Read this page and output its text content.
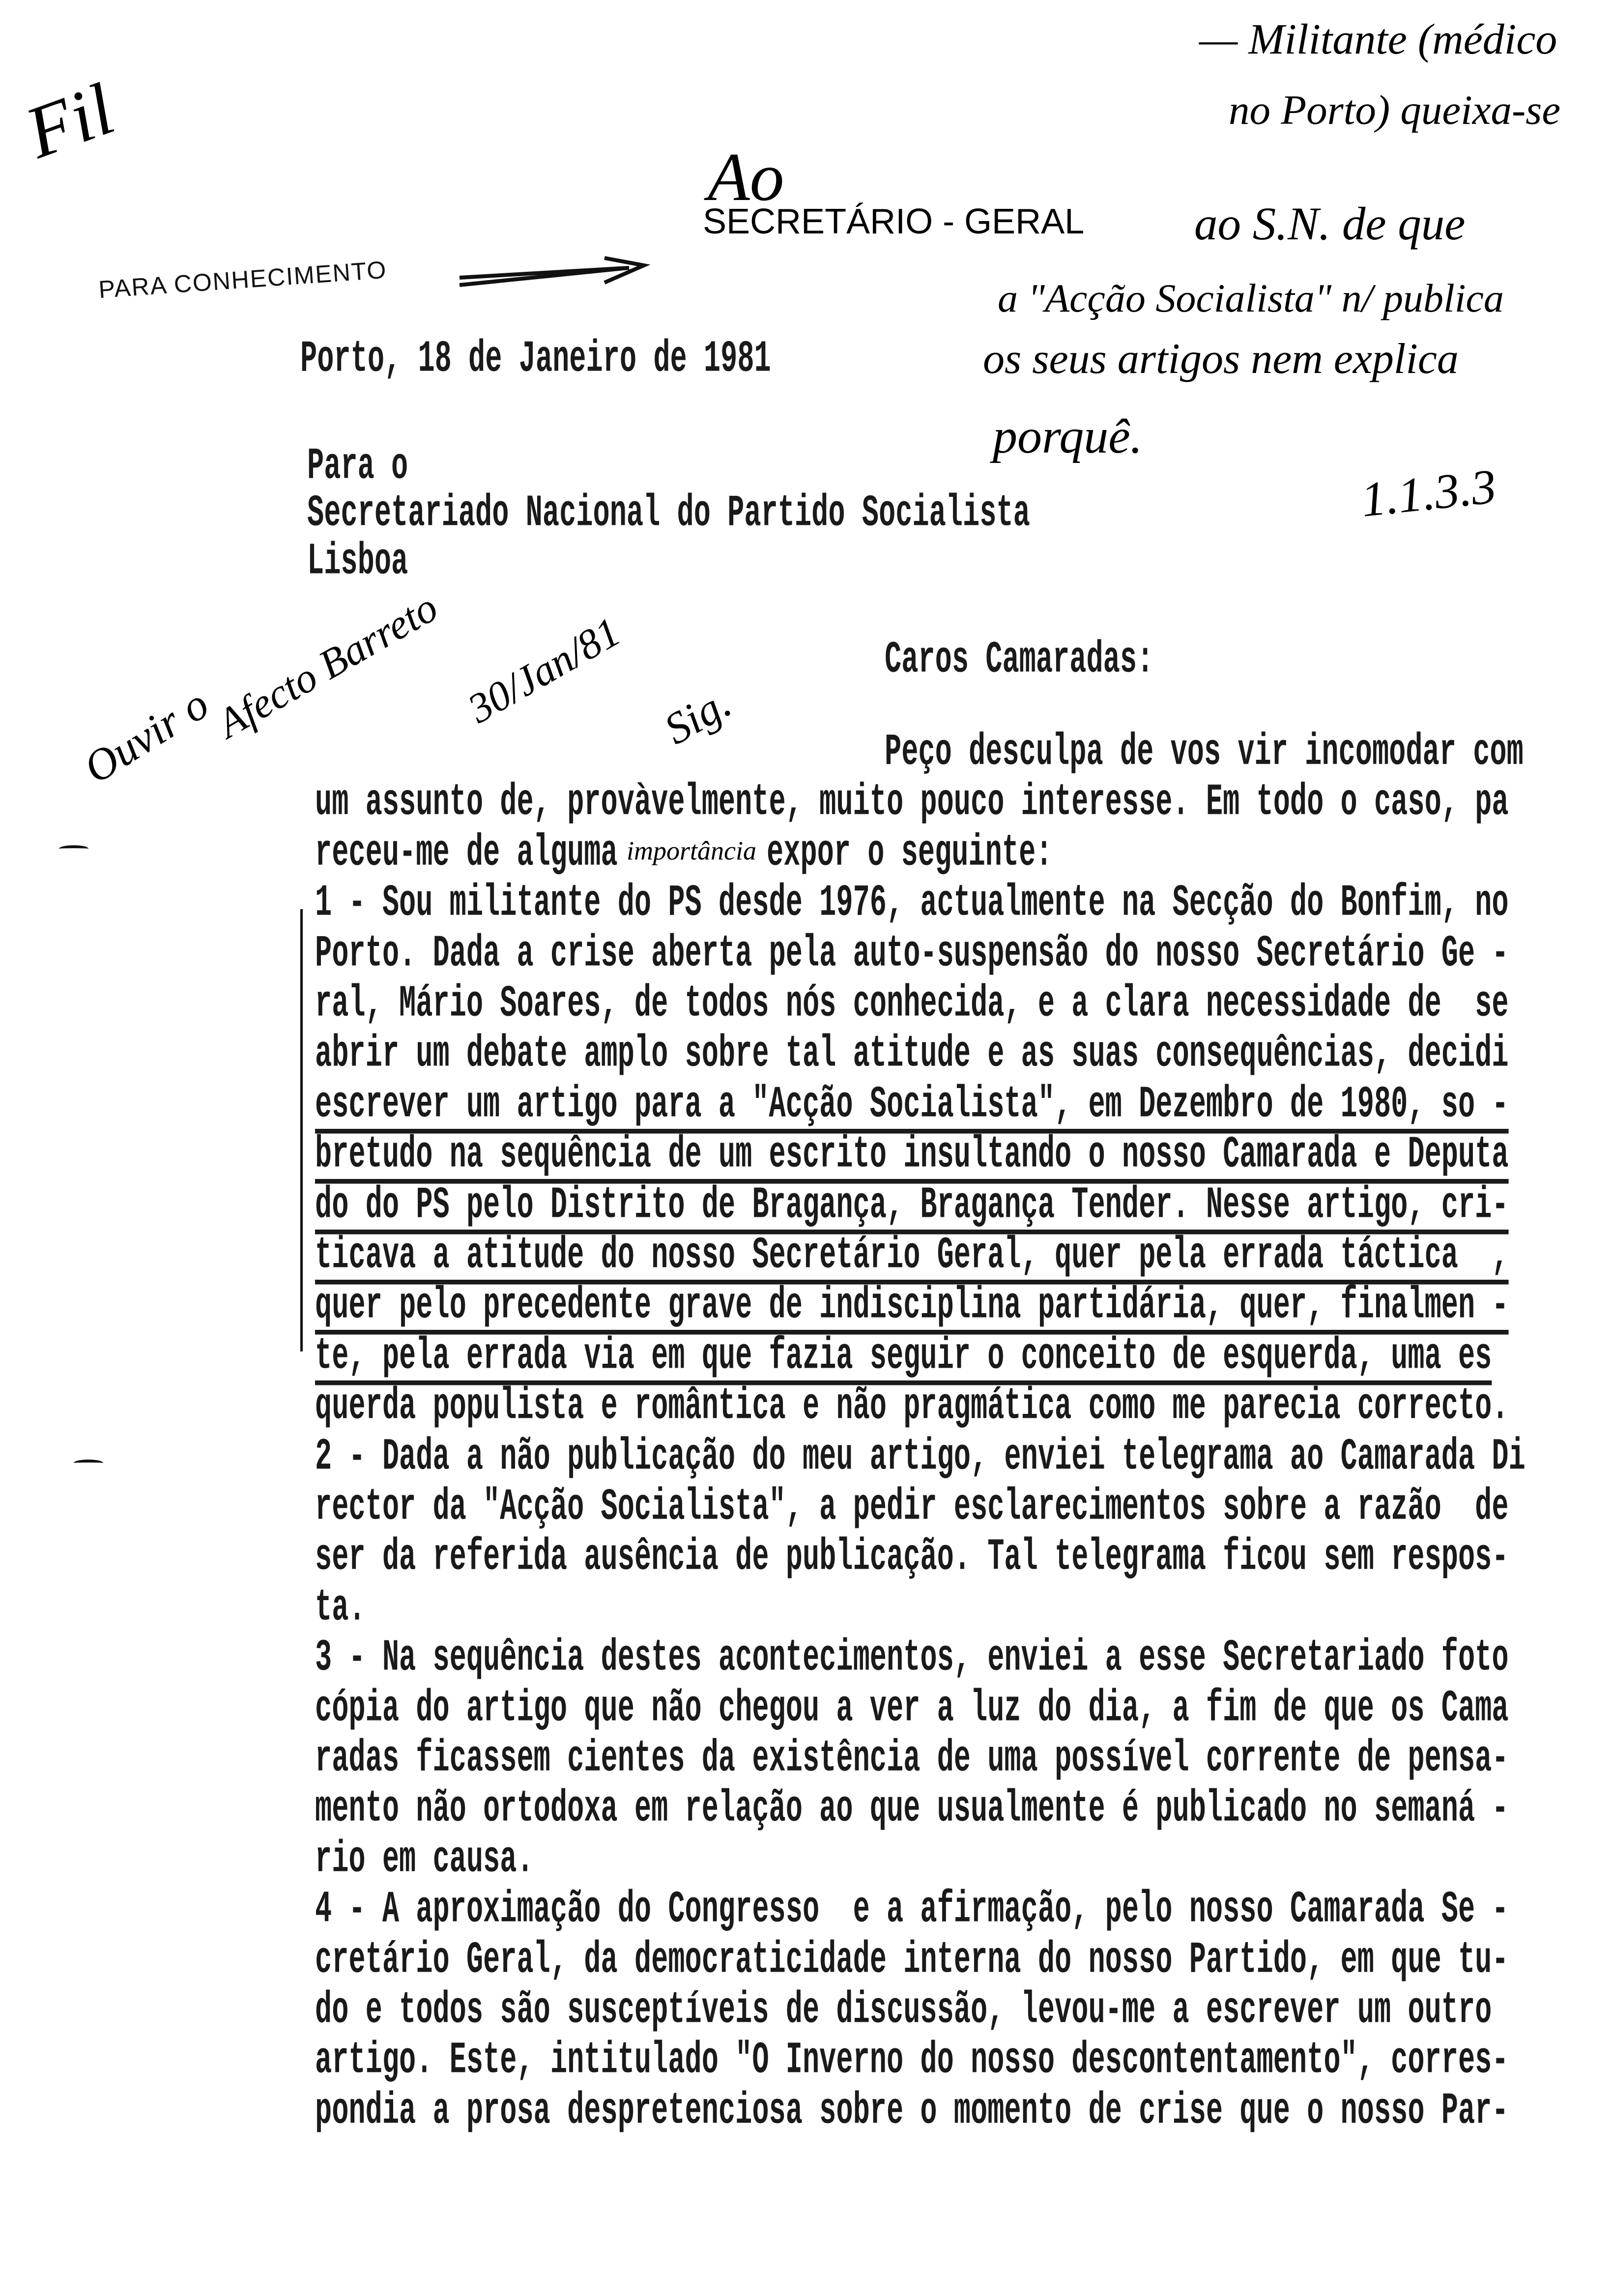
Fil
Ao
SECRETÁRIO - GERAL
— Militante (médico
no Porto) queixa-se
ao S.N. de que
a "Acção Socialista" n/ publica
os seus artigos nem explica
porquê.
1.1.3.3
PARA CONHECIMENTO
Ouvir o
Afecto Barreto 30/Jan/81 Sig.
Porto, 18 de Janeiro de 1981
Para o
Secretariado Nacional do Partido Socialista
Lisboa
Caros Camaradas:
Peço desculpa de vos vir incomodar com
um assunto de, provàvelmente, muito pouco interesse. Em todo o caso, pa
1 - Sou militante do PS desde 1976, actualmente na Secção do Bonfim, no
Porto. Dada a crise aberta pela auto-suspensão do nosso Secretário Ge -
ral, Mário Soares, de todos nós conhecida, e a clara necessidade de  se
abrir um debate amplo sobre tal atitude e as suas consequências, decidi
escrever um artigo para a "Acção Socialista", em Dezembro de 1980, so -
bretudo na sequência de um escrito insultando o nosso Camarada e Deputa
do do PS pelo Distrito de Bragança, Bragança Tender. Nesse artigo, cri-
ticava a atitude do nosso Secretário Geral, quer pela errada táctica  ,
quer pelo precedente grave de indisciplina partidária, quer, finalmen -
te, pela errada via em que fazia seguir o conceito de esquerda, uma es
querda populista e romântica e não pragmática como me parecia correcto.
2 - Dada a não publicação do meu artigo, enviei telegrama ao Camarada Di
rector da "Acção Socialista", a pedir esclarecimentos sobre a razão  de
ser da referida ausência de publicação. Tal telegrama ficou sem respos-
ta.
3 - Na sequência destes acontecimentos, enviei a esse Secretariado foto
cópia do artigo que não chegou a ver a luz do dia, a fim de que os Cama
radas ficassem cientes da existência de uma possível corrente de pensa-
mento não ortodoxa em relação ao que usualmente é publicado no semaná -
rio em causa.
4 - A aproximação do Congresso  e a afirmação, pelo nosso Camarada Se -
cretário Geral, da democraticidade interna do nosso Partido, em que tu-
do e todos são susceptíveis de discussão, levou-me a escrever um outro
artigo. Este, intitulado "O Inverno do nosso descontentamento", corres-
pondia a prosa despretenciosa sobre o momento de crise que o nosso Par-
receu-me de alguma	expor o seguinte:
importância
